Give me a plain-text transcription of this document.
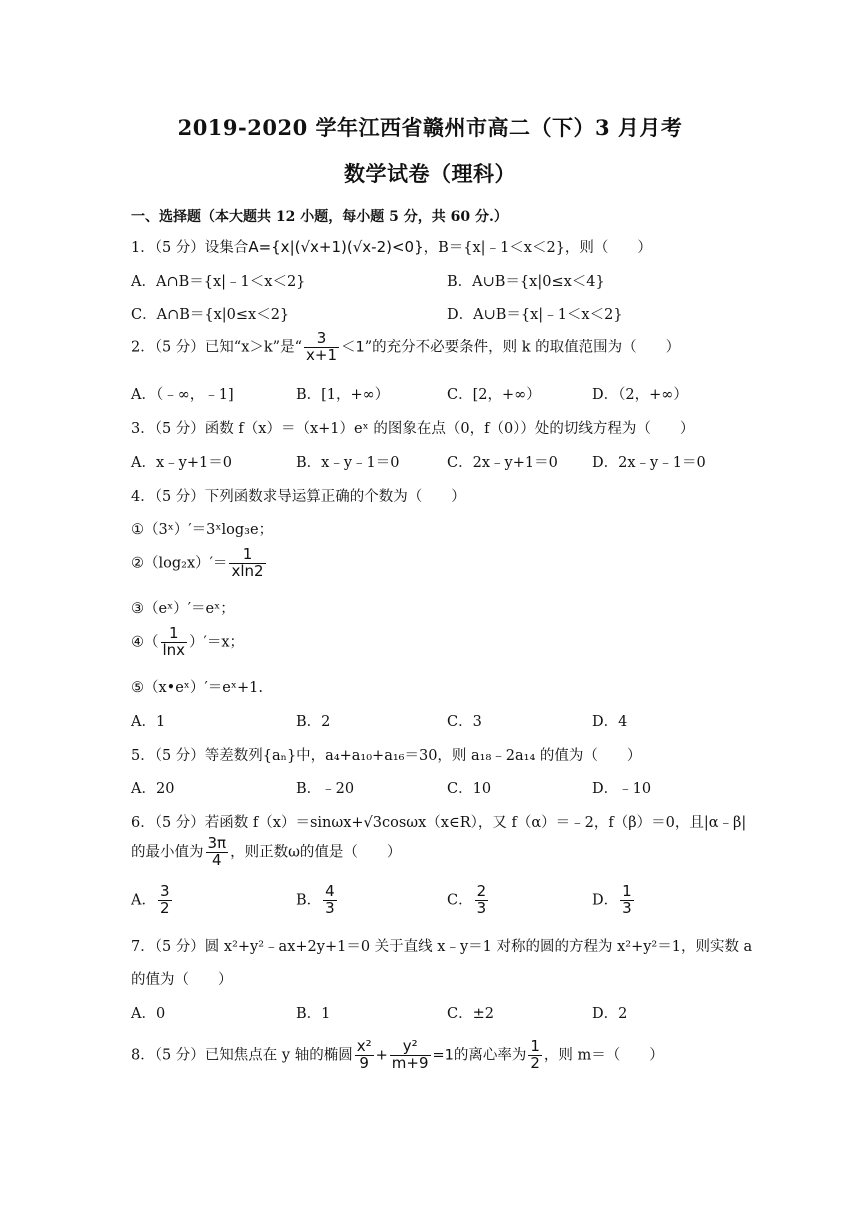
2019-2020 学年江西省赣州市高二（下）3 月月考
数学试卷（理科）
一、选择题（本大题共 12 小题，每小题 5 分，共 60 分.）
1．（5 分）设集合A={x|(√x+1)(√x-2)<0}，B＝{x|﹣1＜x＜2}，则（　　）
A．A∩B＝{x|﹣1＜x＜2}	B．A∪B＝{x|0≤x＜4}
C．A∩B＝{x|0≤x＜2}	D．A∪B＝{x|﹣1＜x＜2}
2．（5 分）已知“x＞k”是“ $\frac{3}{x+1} <1$”的充分不必要条件，则 k 的取值范围为（　　）
A．（﹣∞，﹣1]	B．[1，+∞）	C．[2，+∞）	D．（2，+∞）
3．（5 分）函数 f（x）＝（x+1）eˣ 的图象在点（0，f（0））处的切线方程为（　　）
A．x﹣y+1＝0	B．x﹣y﹣1＝0	C．2x﹣y+1＝0 D．2x﹣y﹣1＝0
4．（5 分）下列函数求导运算正确的个数为（　　）
①（3ˣ）′＝3ˣlog₃e；
②（log₂x）′＝ $\frac{1}{xln2}$
③（eˣ）′＝eˣ；
④（ $\frac{1}{\ln x} )'=x$；
⑤（x•eˣ）′＝eˣ+1.
A．1	B．2	C．3	D．4
5．（5 分）等差数列{aₙ}中，a₄+a₁₀+a₁₆＝30，则 a₁₈﹣2a₁₄ 的值为（　　）
A．20	B．﹣20	C．10	D．﹣10
6．（5 分）若函数 f（x）＝sinωx+√3cosωx（x∈R），又 f（α）＝﹣2，f（β）＝0，且|α﹣β|
的最小值为 $\frac{3\pi}{4}$ ，则正数ω的值是（　　）
A． $\frac{3}{2}$	B． $\frac{4}{3}$	C． $\frac{2}{3}$	D． $\frac{1}{3}$
7．（5 分）圆 x²+y²﹣ax+2y+1＝0 关于直线 x﹣y＝1 对称的圆的方程为 x²+y²＝1，则实数 a
的值为（　　）
A．0	B．1	C．±2	D．2
8．（5 分）已知焦点在 y 轴的椭圆 $\frac{\text{x²}}{9} + \frac{\text{y²}}{m+9} =1$的离心率为 $\frac{1}{2}$ ，则 m＝（　　）
